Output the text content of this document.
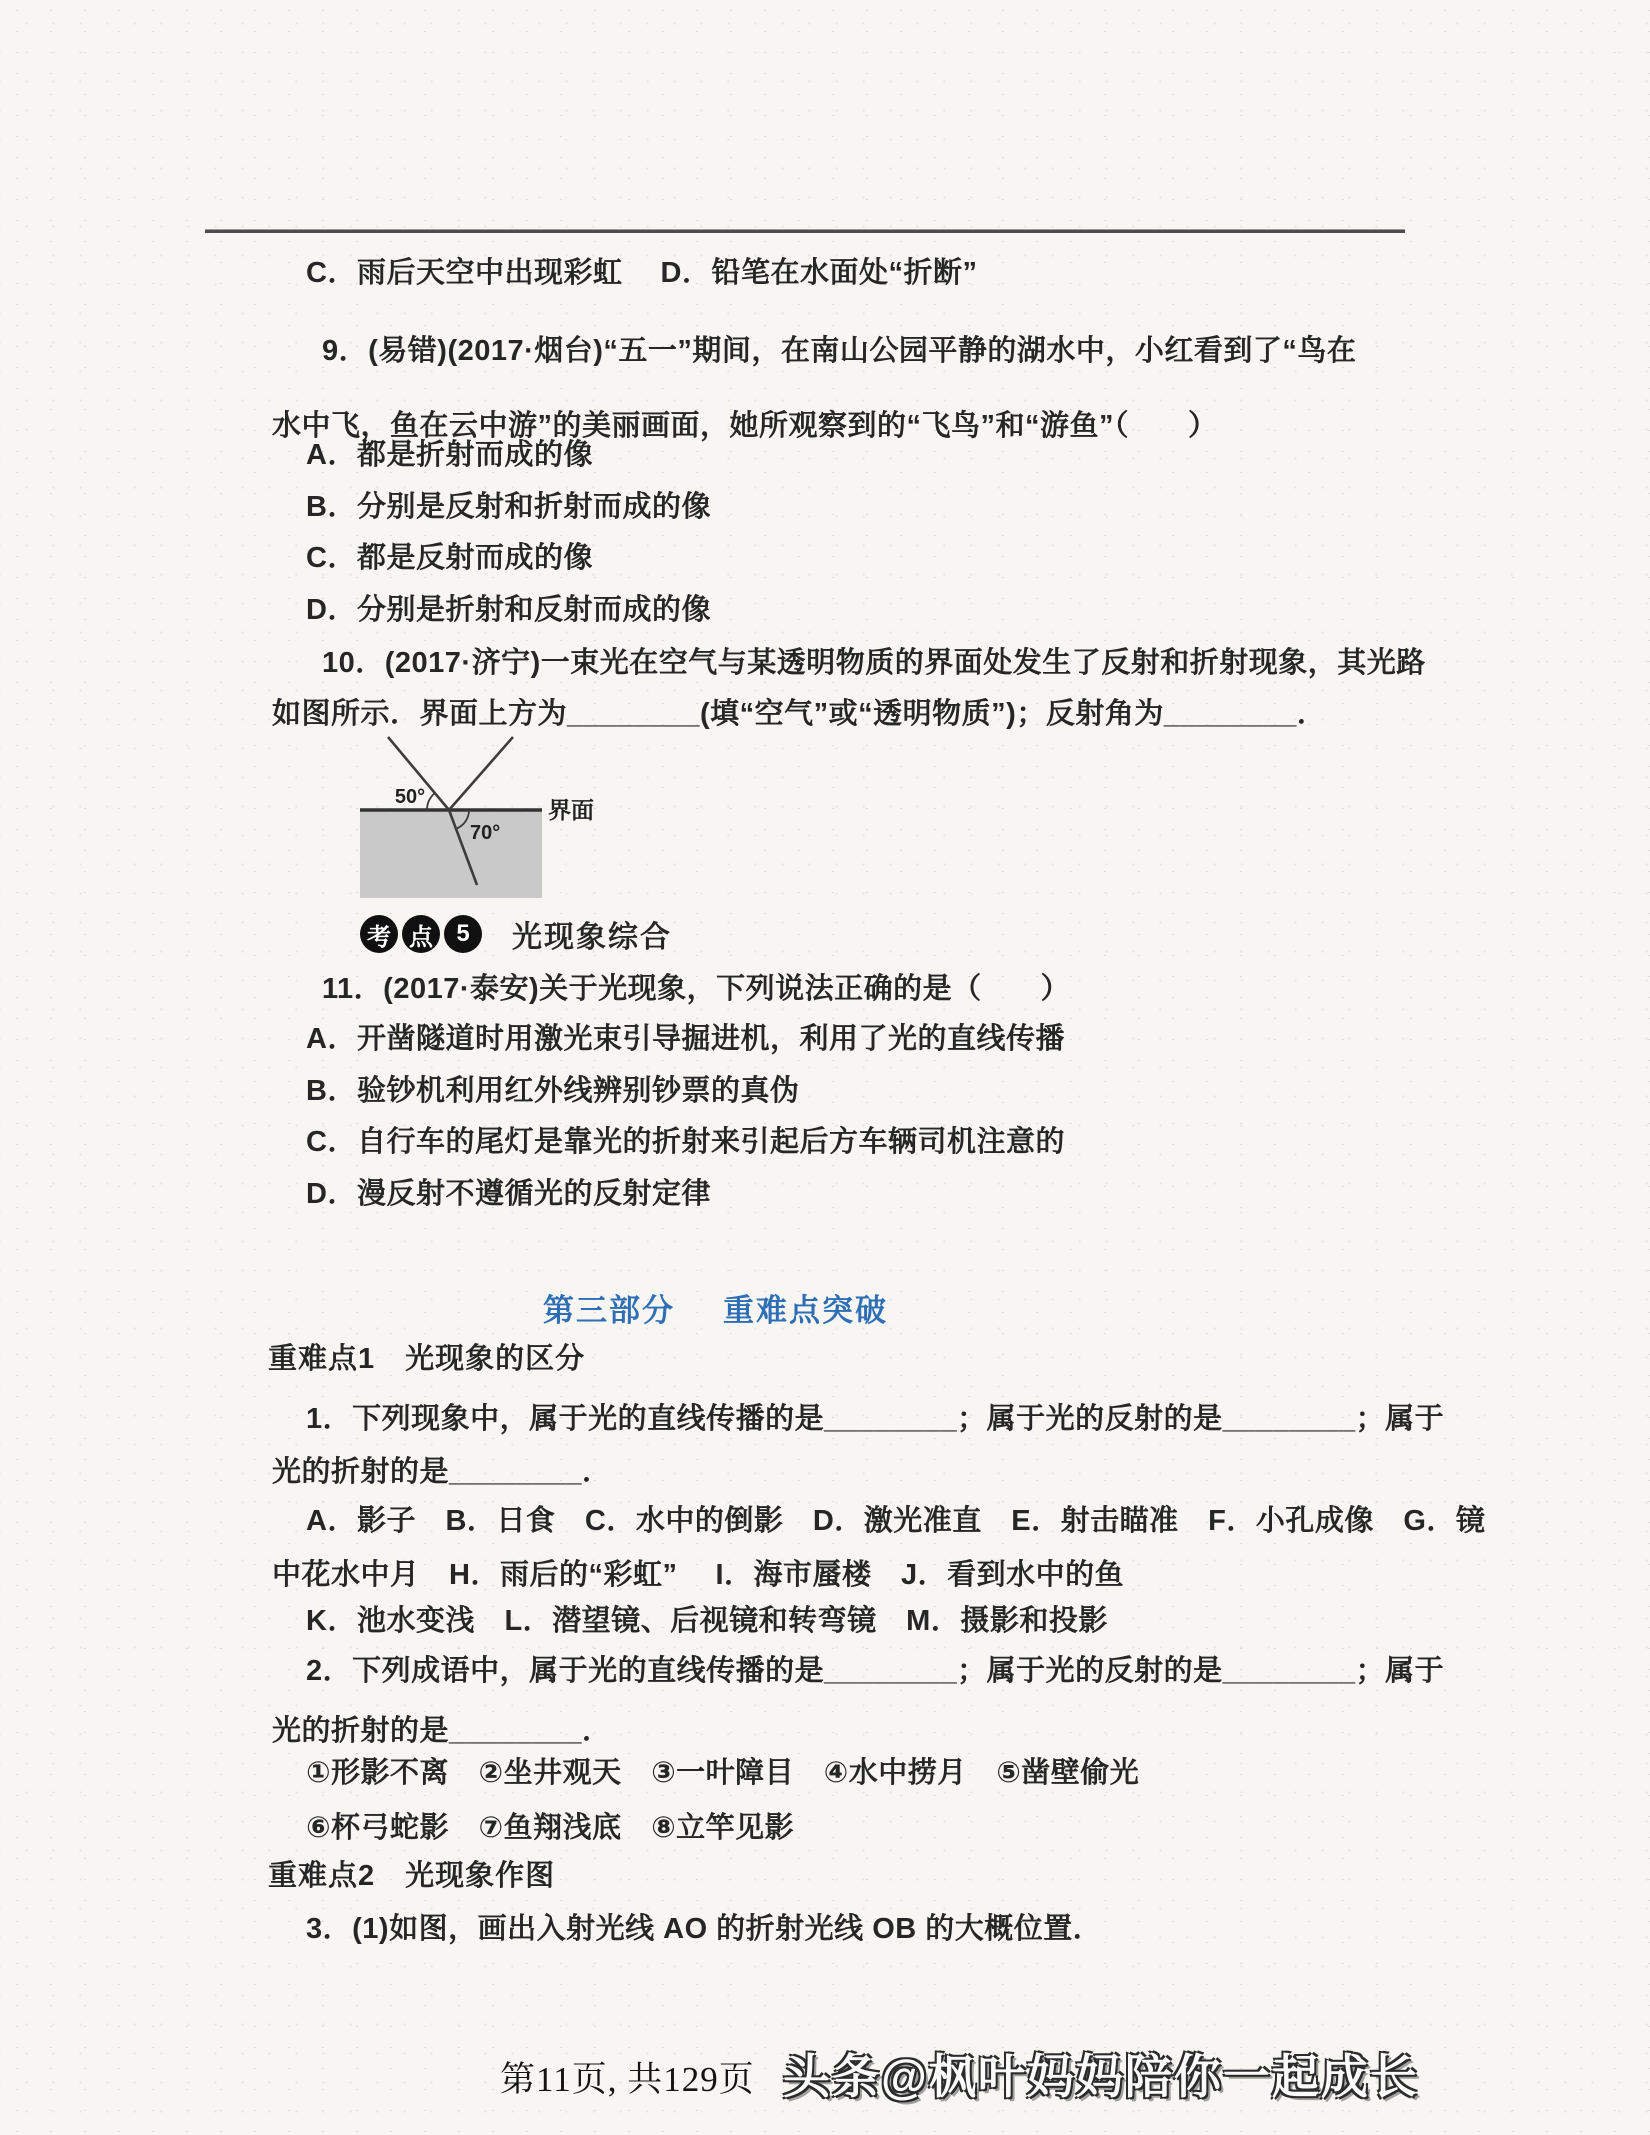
C．雨后天空中出现彩虹　 D．铅笔在水面处“折断”
9．(易错)(2017·烟台)“五一”期间，在南山公园平静的湖水中，小红看到了“鸟在
水中飞，鱼在云中游”的美丽画面，她所观察到的“飞鸟”和“游鱼”（　　）
A．都是折射而成的像
B．分别是反射和折射而成的像
C．都是反射而成的像
D．分别是折射和反射而成的像
10．(2017·济宁)一束光在空气与某透明物质的界面处发生了反射和折射现象，其光路
如图所示．界面上方为________(填“空气”或“透明物质”)；反射角为________．
50°
70°
界面
考 点 5	光现象综合
11．(2017·泰安)关于光现象，下列说法正确的是（　　）
A．开凿隧道时用激光束引导掘进机，利用了光的直线传播
B．验钞机利用红外线辨别钞票的真伪
C．自行车的尾灯是靠光的折射来引起后方车辆司机注意的
D．漫反射不遵循光的反射定律
第三部分 重难点突破
重难点1　光现象的区分
1．下列现象中，属于光的直线传播的是________；属于光的反射的是________；属于
光的折射的是________．
A．影子　B．日食　C．水中的倒影　D．激光准直　E．射击瞄准　F．小孔成像　G．镜
中花水中月　H．雨后的“彩虹”　 I．海市蜃楼　J．看到水中的鱼
K．池水变浅　L．潜望镜、后视镜和转弯镜　M．摄影和投影
2．下列成语中，属于光的直线传播的是________；属于光的反射的是________；属于
光的折射的是________．
①形影不离　②坐井观天　③一叶障目　④水中捞月　⑤凿壁偷光
⑥杯弓蛇影　⑦鱼翔浅底　⑧立竿见影
重难点2　光现象作图
3．(1)如图，画出入射光线 AO 的折射光线 OB 的大概位置．
第11页, 共129页 头条@枫叶妈妈陪你一起成长
